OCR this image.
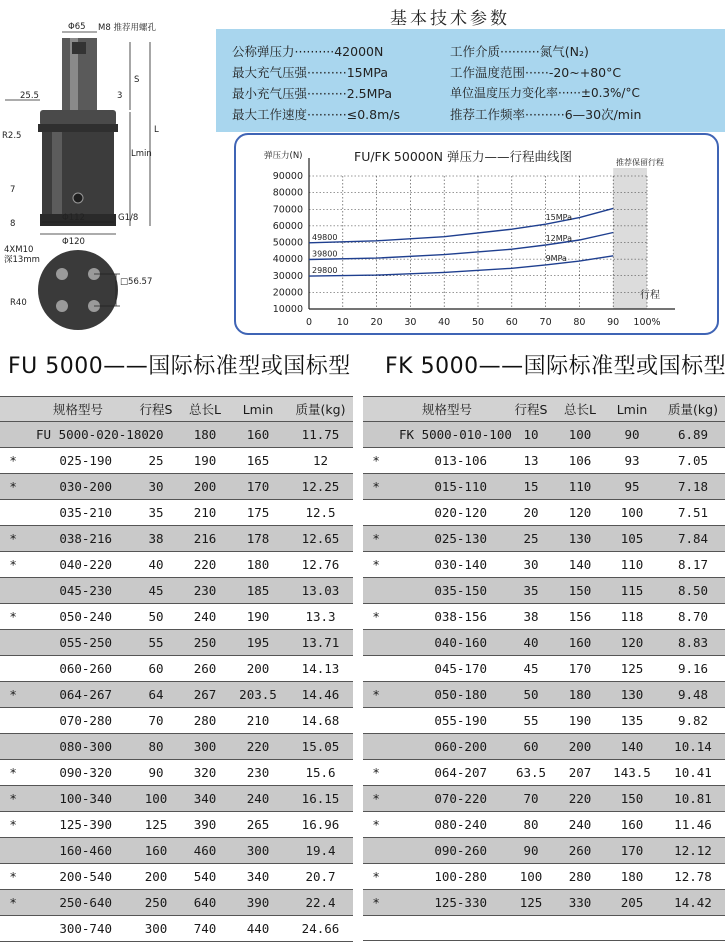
Φ65 M8 推荐用螺孔
25.5
R2.5
S
3
L
Lmin
7
8
Φ112	G1/8
Φ120
4XM10
深13mm
□56.57
R40
基本技术参数
公称弹压力··········42000N
最大充气压强··········15MPa
最小充气压强··········2.5MPa
最大工作速度··········≤0.8m/s
工作介质··········氮气(N₂)
工作温度范围······-20~+80°C
单位温度压力变化率······±0.3%/°C
推荐工作频率··········6—30次/min
10000
20000
30000
40000
50000
60000
70000
80000
90000
0	10 20 30 40 50 60 70 80 90 100%
49800
15MPa
39800
12MPa
29800
9MPa
FU/FK 50000N 弹压力——行程曲线图
弹压力(N)
行程
推荐保留行程
FU 5000——国际标准型或国标型 FK 5000——国际标准型或国标型
	规格型号	行程S	总长L	Lmin	质量(kg)
	FU 5000-020-180	20	180	160	11.75
*	025-190	25	190	165	12
*	030-200	30	200	170	12.25
	035-210	35	210	175	12.5
*	038-216	38	216	178	12.65
*	040-220	40	220	180	12.76
	045-230	45	230	185	13.03
*	050-240	50	240	190	13.3
	055-250	55	250	195	13.71
	060-260	60	260	200	14.13
*	064-267	64	267	203.5	14.46
	070-280	70	280	210	14.68
	080-300	80	300	220	15.05
*	090-320	90	320	230	15.6
*	100-340	100	340	240	16.15
*	125-390	125	390	265	16.96
	160-460	160	460	300	19.4
*	200-540	200	540	340	20.7
*	250-640	250	640	390	22.4
	300-740	300	740	440	24.66
	规格型号	行程S	总长L	Lmin	质量(kg)
	FK 5000-010-100	10	100	90	6.89
*	013-106	13	106	93	7.05
*	015-110	15	110	95	7.18
	020-120	20	120	100	7.51
*	025-130	25	130	105	7.84
*	030-140	30	140	110	8.17
	035-150	35	150	115	8.50
*	038-156	38	156	118	8.70
	040-160	40	160	120	8.83
	045-170	45	170	125	9.16
*	050-180	50	180	130	9.48
	055-190	55	190	135	9.82
	060-200	60	200	140	10.14
*	064-207	63.5	207	143.5	10.41
*	070-220	70	220	150	10.81
*	080-240	80	240	160	11.46
	090-260	90	260	170	12.12
*	100-280	100	280	180	12.78
*	125-330	125	330	205	14.42
